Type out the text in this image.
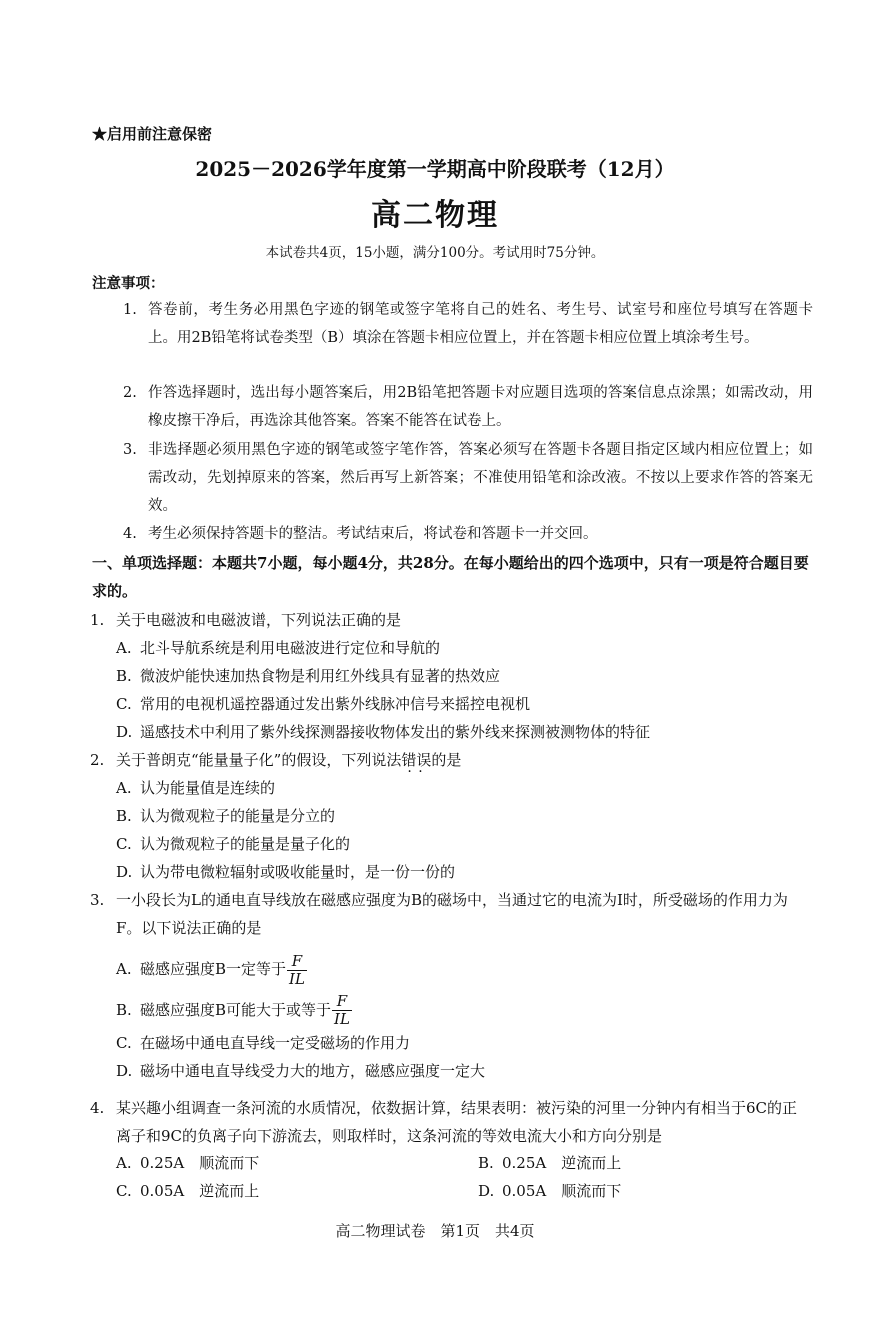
★启用前注意保密
2025－2026学年度第一学期高中阶段联考（12月）
高二物理
本试卷共4页，15小题，满分100分。考试用时75分钟。
注意事项：
1. 答卷前，考生务必用黑色字迹的钢笔或签字笔将自己的姓名、考生号、试室号和座位号填写在答题卡上。用2B铅笔将试卷类型（B）填涂在答题卡相应位置上，并在答题卡相应位置上填涂考生号。
2. 作答选择题时，选出每小题答案后，用2B铅笔把答题卡对应题目选项的答案信息点涂黑；如需改动，用橡皮擦干净后，再选涂其他答案。答案不能答在试卷上。
3. 非选择题必须用黑色字迹的钢笔或签字笔作答，答案必须写在答题卡各题目指定区域内相应位置上；如需改动，先划掉原来的答案，然后再写上新答案；不准使用铅笔和涂改液。不按以上要求作答的答案无效。
4. 考生必须保持答题卡的整洁。考试结束后，将试卷和答题卡一并交回。
一、单项选择题：本题共7小题，每小题4分，共28分。在每小题给出的四个选项中，只有一项是符合题目要求的。
1. 关于电磁波和电磁波谱，下列说法正确的是
A. 北斗导航系统是利用电磁波进行定位和导航的
B. 微波炉能快速加热食物是利用红外线具有显著的热效应
C. 常用的电视机遥控器通过发出紫外线脉冲信号来摇控电视机
D. 遥感技术中利用了紫外线探测器接收物体发出的紫外线来探测被测物体的特征
2. 关于普朗克“能量量子化”的假设，下列说法错误 · ·的是
A. 认为能量值是连续的
B. 认为微观粒子的能量是分立的
C. 认为微观粒子的能量是量子化的
D. 认为带电微粒辐射或吸收能量时，是一份一份的
3. 一小段长为L的通电直导线放在磁感应强度为B的磁场中，当通过它的电流为I时，所受磁场的作用力为F。以下说法正确的是
A. 磁感应强度B一定等于 $\frac{F}{IL}$
B. 磁感应强度B可能大于或等于 $\frac{F}{IL}$
C. 在磁场中通电直导线一定受磁场的作用力
D. 磁场中通电直导线受力大的地方，磁感应强度一定大
4. 某兴趣小组调查一条河流的水质情况，依数据计算，结果表明：被污染的河里一分钟内有相当于6C的正离子和9C的负离子向下游流去，则取样时，这条河流的等效电流大小和方向分别是
A. 0.25A　顺流而下	B. 0.25A　逆流而上
C. 0.05A　逆流而上	D. 0.05A　顺流而下
高二物理试卷　第1页　共4页
